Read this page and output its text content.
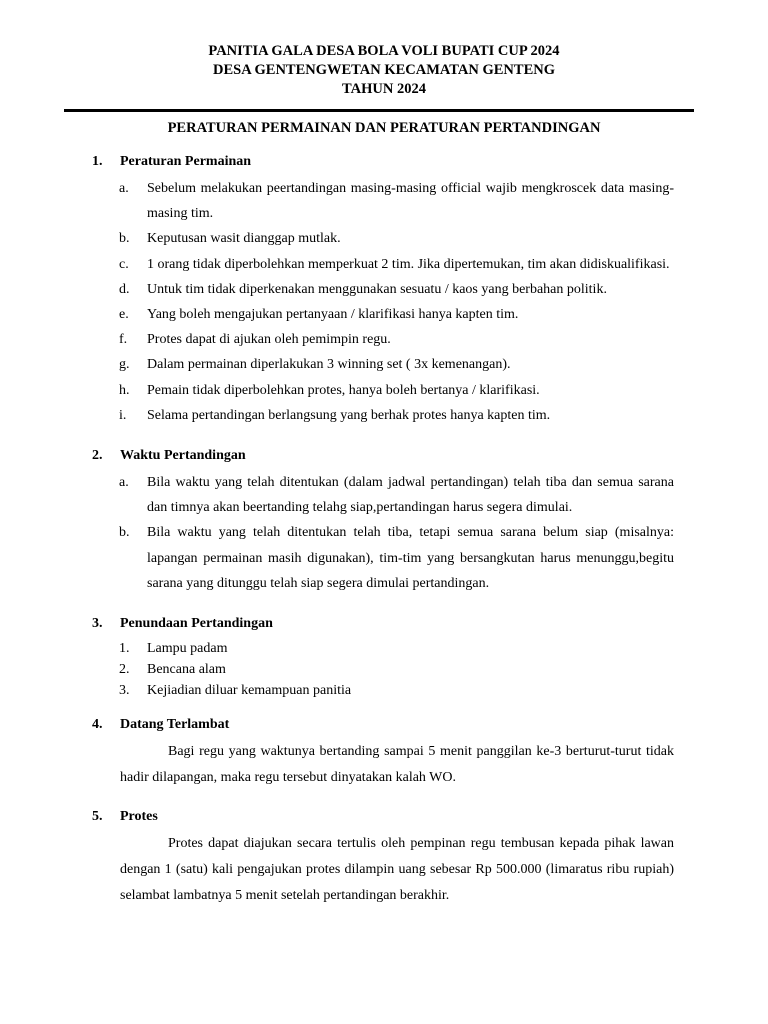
PANITIA GALA DESA BOLA VOLI BUPATI CUP 2024
DESA GENTENGWETAN KECAMATAN GENTENG
TAHUN 2024
PERATURAN PERMAINAN DAN PERATURAN PERTANDINGAN
1. Peraturan Permainan
a. Sebelum melakukan peertandingan masing-masing official wajib mengkroscek data masing-masing tim.
b. Keputusan wasit dianggap mutlak.
c. 1 orang tidak diperbolehkan memperkuat 2 tim. Jika dipertemukan, tim akan didiskualifikasi.
d. Untuk tim tidak diperkenakan menggunakan sesuatu / kaos yang berbahan politik.
e. Yang boleh mengajukan pertanyaan / klarifikasi hanya kapten tim.
f. Protes dapat di ajukan oleh pemimpin regu.
g. Dalam permainan diperlakukan 3 winning set ( 3x kemenangan).
h. Pemain tidak diperbolehkan protes, hanya boleh bertanya / klarifikasi.
i. Selama pertandingan berlangsung yang berhak protes hanya kapten tim.
2. Waktu Pertandingan
a. Bila waktu yang telah ditentukan (dalam jadwal pertandingan) telah tiba dan semua sarana dan timnya akan beertanding telahg siap,pertandingan harus segera dimulai.
b. Bila waktu yang telah ditentukan telah tiba, tetapi semua sarana belum siap (misalnya: lapangan permainan masih digunakan), tim-tim yang bersangkutan harus menunggu,begitu sarana yang ditunggu telah siap segera dimulai pertandingan.
3. Penundaan Pertandingan
1. Lampu padam
2. Bencana alam
3. Kejiadian diluar kemampuan panitia
4. Datang Terlambat
Bagi regu yang waktunya bertanding sampai 5 menit panggilan ke-3 berturut-turut tidak hadir dilapangan, maka regu tersebut dinyatakan kalah WO.
5. Protes
Protes dapat diajukan secara tertulis oleh pempinan regu tembusan kepada pihak lawan dengan 1 (satu) kali pengajukan protes dilampin uang sebesar Rp 500.000 (limaratus ribu rupiah) selambat lambatnya 5 menit setelah pertandingan berakhir.
